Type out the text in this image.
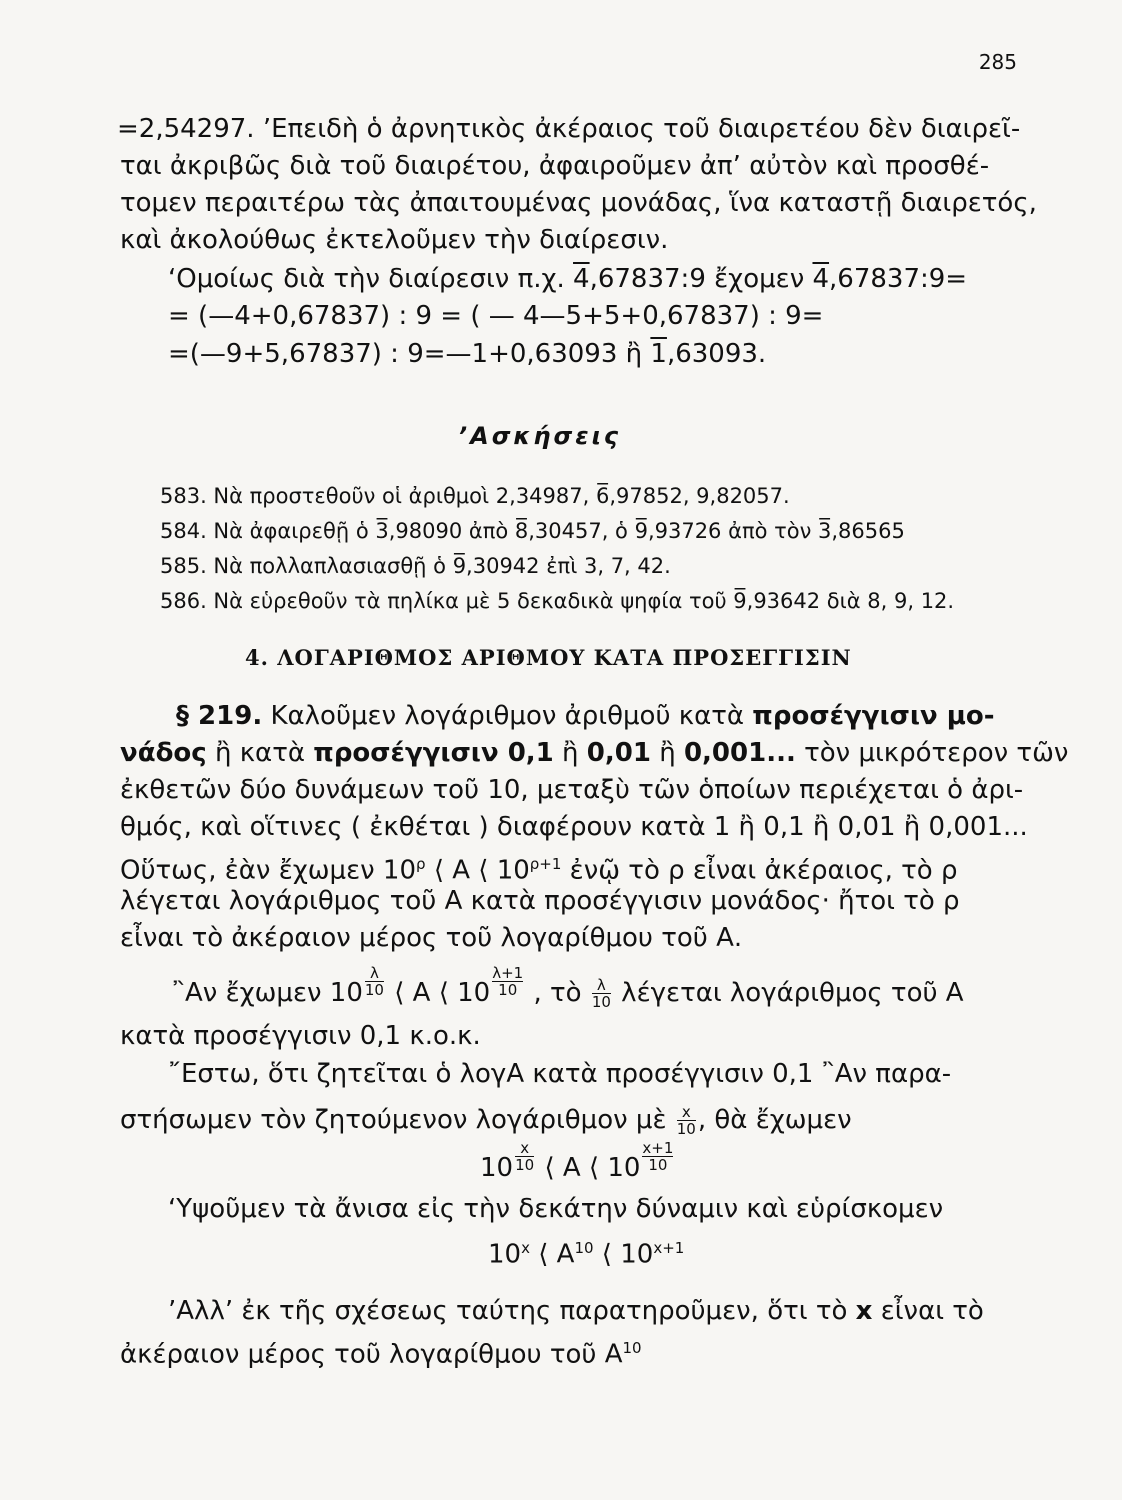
285
=2,54297. ’Επειδὴ ὁ ἀρνητικὸς ἀκέραιος τοῦ διαιρετέου δὲν διαιρεῖ-
ται ἀκριβῶς διὰ τοῦ διαιρέτου, ἀφαιροῦμεν ἀπ’ αὐτὸν καὶ προσθέ-
τομεν περαιτέρω τὰς ἀπαιτουμένας μονάδας, ἵνα καταστῇ διαιρετός,
καὶ ἀκολούθως ἐκτελοῦμεν τὴν διαίρεσιν.
‘Ομοίως διὰ τὴν διαίρεσιν π.χ. 4,67837:9 ἔχομεν 4,67837:9=
= (—4+0,67837) : 9 = ( — 4—5+5+0,67837) : 9=
=(—9+5,67837) : 9=—1+0,63093 ἢ 1,63093.
’Ασκήσεις
583. Νὰ προστεθοῦν οἱ ἀριθμοὶ 2,34987, 6̅,97852, 9,82057.
584. Νὰ ἀφαιρεθῇ ὁ 3̅,98090 ἀπὸ 8̅,30457, ὁ 9̅,93726 ἀπὸ τὸν 3̅,86565
585. Νὰ πολλαπλασιασθῇ ὁ 9̅,30942 ἐπὶ 3, 7, 42.
586. Νὰ εὑρεθοῦν τὰ πηλίκα μὲ 5 δεκαδικὰ ψηφία τοῦ 9̅,93642 διὰ 8, 9, 12.
4. ΛΟΓΑΡΙΘΜΟΣ ΑΡΙΘΜΟΥ ΚΑΤΑ ΠΡΟΣΕΓΓΙΣΙΝ
§ 219. Καλοῦμεν λογάριθμον ἀριθμοῦ κατὰ προσέγγισιν μο-
νάδος ἢ κατὰ προσέγγισιν 0,1 ἢ 0,01 ἢ 0,001... τὸν μικρότερον τῶν
ἐκθετῶν δύο δυνάμεων τοῦ 10, μεταξὺ τῶν ὁποίων περιέχεται ὁ ἀρι-
θμός, καὶ οἵτινες ( ἐκθέται ) διαφέρουν κατὰ 1 ἢ 0,1 ἢ 0,01 ἢ 0,001...
Οὕτως, ἐὰν ἔχωμεν $10^\rho$ ⟨ Α ⟨ $10^{\rho+1}$ ἐνῷ τὸ ρ εἶναι ἀκέραιος, τὸ ρ
λέγεται λογάριθμος τοῦ Α κατὰ προσέγγισιν μονάδος· ἤτοι τὸ ρ
εἶναι τὸ ἀκέραιον μέρος τοῦ λογαρίθμου τοῦ Α.
῍Αν ἔχωμεν $10 \frac{\lambda}{10}$ ⟨ Α ⟨ $10 \frac{\lambda+1}{10}$ , τὸ $\frac{\lambda}{10}$ λέγεται λογάριθμος τοῦ Α
κατὰ προσέγγισιν 0,1 κ.ο.κ.
῎Εστω, ὅτι ζητεῖται ὁ λογΑ κατὰ προσέγγισιν 0,1 ῍Αν παρα-
στήσωμεν τὸν ζητούμενον λογάριθμον μὲ $\frac{x}{10}$ , θὰ ἔχωμεν
$10 \frac{x}{10}$ ⟨ Α ⟨ $10 \frac{x+1}{10}$
‘Υψοῦμεν τὰ ἄνισα εἰς τὴν δεκάτην δύναμιν καὶ εὑρίσκομεν
10$^x$ ⟨ $A^{10}$ ⟨ $10^{x+1}$
’Αλλ’ ἐκ τῆς σχέσεως ταύτης παρατηροῦμεν, ὅτι τὸ x εἶναι τὸ
ἀκέραιον μέρος τοῦ λογαρίθμου τοῦ $A^{10}$
